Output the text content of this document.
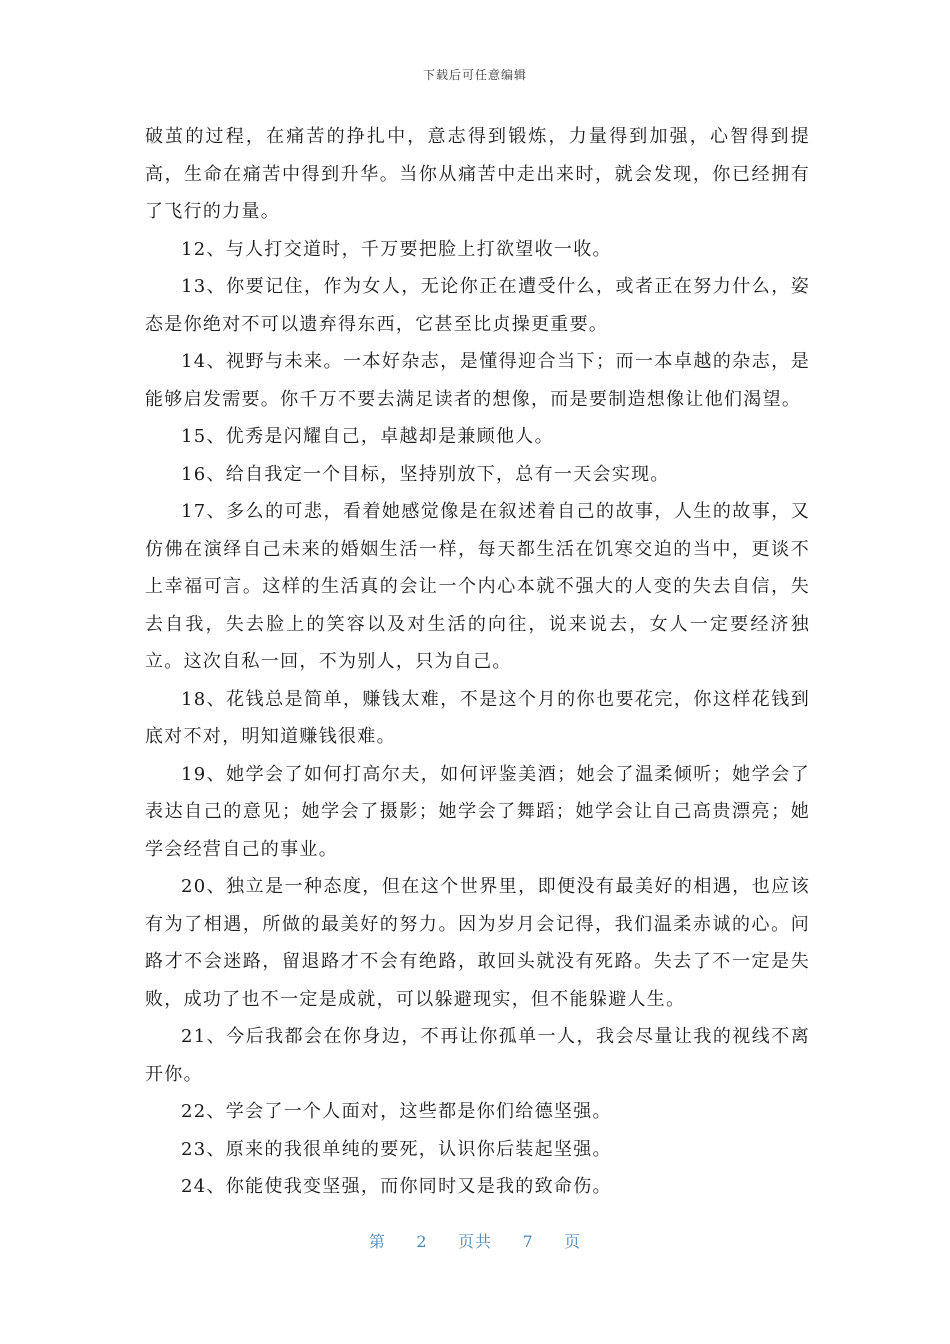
下载后可任意编辑

破茧的过程，在痛苦的挣扎中，意志得到锻炼，力量得到加强，心智得到提高，生命在痛苦中得到升华。当你从痛苦中走出来时，就会发现，你已经拥有了飞行的力量。

12、与人打交道时，千万要把脸上打欲望收一收。

13、你要记住，作为女人，无论你正在遭受什么，或者正在努力什么，姿态是你绝对不可以遗弃得东西，它甚至比贞操更重要。

14、视野与未来。一本好杂志，是懂得迎合当下；而一本卓越的杂志，是能够启发需要。你千万不要去满足读者的想像，而是要制造想像让他们渴望。

15、优秀是闪耀自己，卓越却是兼顾他人。

16、给自我定一个目标，坚持别放下，总有一天会实现。

17、多么的可悲，看着她感觉像是在叙述着自己的故事，人生的故事，又仿佛在演绎自己未来的婚姻生活一样，每天都生活在饥寒交迫的当中，更谈不上幸福可言。这样的生活真的会让一个内心本就不强大的人变的失去自信，失去自我，失去脸上的笑容以及对生活的向往，说来说去，女人一定要经济独立。这次自私一回，不为别人，只为自己。

18、花钱总是简单，赚钱太难，不是这个月的你也要花完，你这样花钱到底对不对，明知道赚钱很难。

19、她学会了如何打高尔夫，如何评鉴美酒；她会了温柔倾听；她学会了表达自己的意见；她学会了摄影；她学会了舞蹈；她学会让自己高贵漂亮；她学会经营自己的事业。

20、独立是一种态度，但在这个世界里，即便没有最美好的相遇，也应该有为了相遇，所做的最美好的努力。因为岁月会记得，我们温柔赤诚的心。问路才不会迷路，留退路才不会有绝路，敢回头就没有死路。失去了不一定是失败，成功了也不一定是成就，可以躲避现实，但不能躲避人生。

21、今后我都会在你身边，不再让你孤单一人，我会尽量让我的视线不离开你。

22、学会了一个人面对，这些都是你们给德坚强。

23、原来的我很单纯的要死，认识你后装起坚强。

24、你能使我变坚强，而你同时又是我的致命伤。

第 2 页共 7 页
